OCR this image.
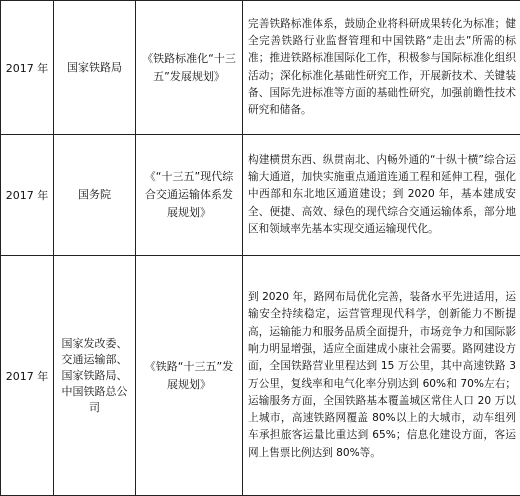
2017 年	国家铁路局	《铁路标准化“十三五”发展规划》	完善铁路标准体系，鼓励企业将科研成果转化为标准；健全完善铁路行业监督管理和中国铁路“走出去”所需的标准；推进铁路标准国际化工作，积极参与国际标准化组织活动；深化标准化基础性研究工作，开展新技术、关键装备、国际先进标准等方面的基础性研究，加强前瞻性技术研究和储备。
2017 年	国务院	《“十三五”现代综合交通运输体系发展规划》	构建横贯东西、纵贯南北、内畅外通的“十纵十横”综合运输大通道，加快实施重点通道连通工程和延伸工程，强化中西部和东北地区通道建设；到 2020 年，基本建成安全、便捷、高效、绿色的现代综合交通运输体系，部分地区和领域率先基本实现交通运输现代化。
2017 年	国家发改委、交通运输部、国家铁路局、中国铁路总公司	《铁路“十三五”发展规划》	到 2020 年，路网布局优化完善，装备水平先进适用，运输安全持续稳定，运营管理现代科学，创新能力不断提高，运输能力和服务品质全面提升，市场竞争力和国际影响力明显增强，适应全面建成小康社会需要。路网建设方面，全国铁路营业里程达到 15 万公里，其中高速铁路 3 万公里，复线率和电气化率分别达到 60%和 70%左右；运输服务方面，全国铁路基本覆盖城区常住人口 20 万以上城市，高速铁路网覆盖 80%以上的大城市，动车组列车承担旅客运量比重达到 65%；信息化建设方面，客运网上售票比例达到 80%等。
